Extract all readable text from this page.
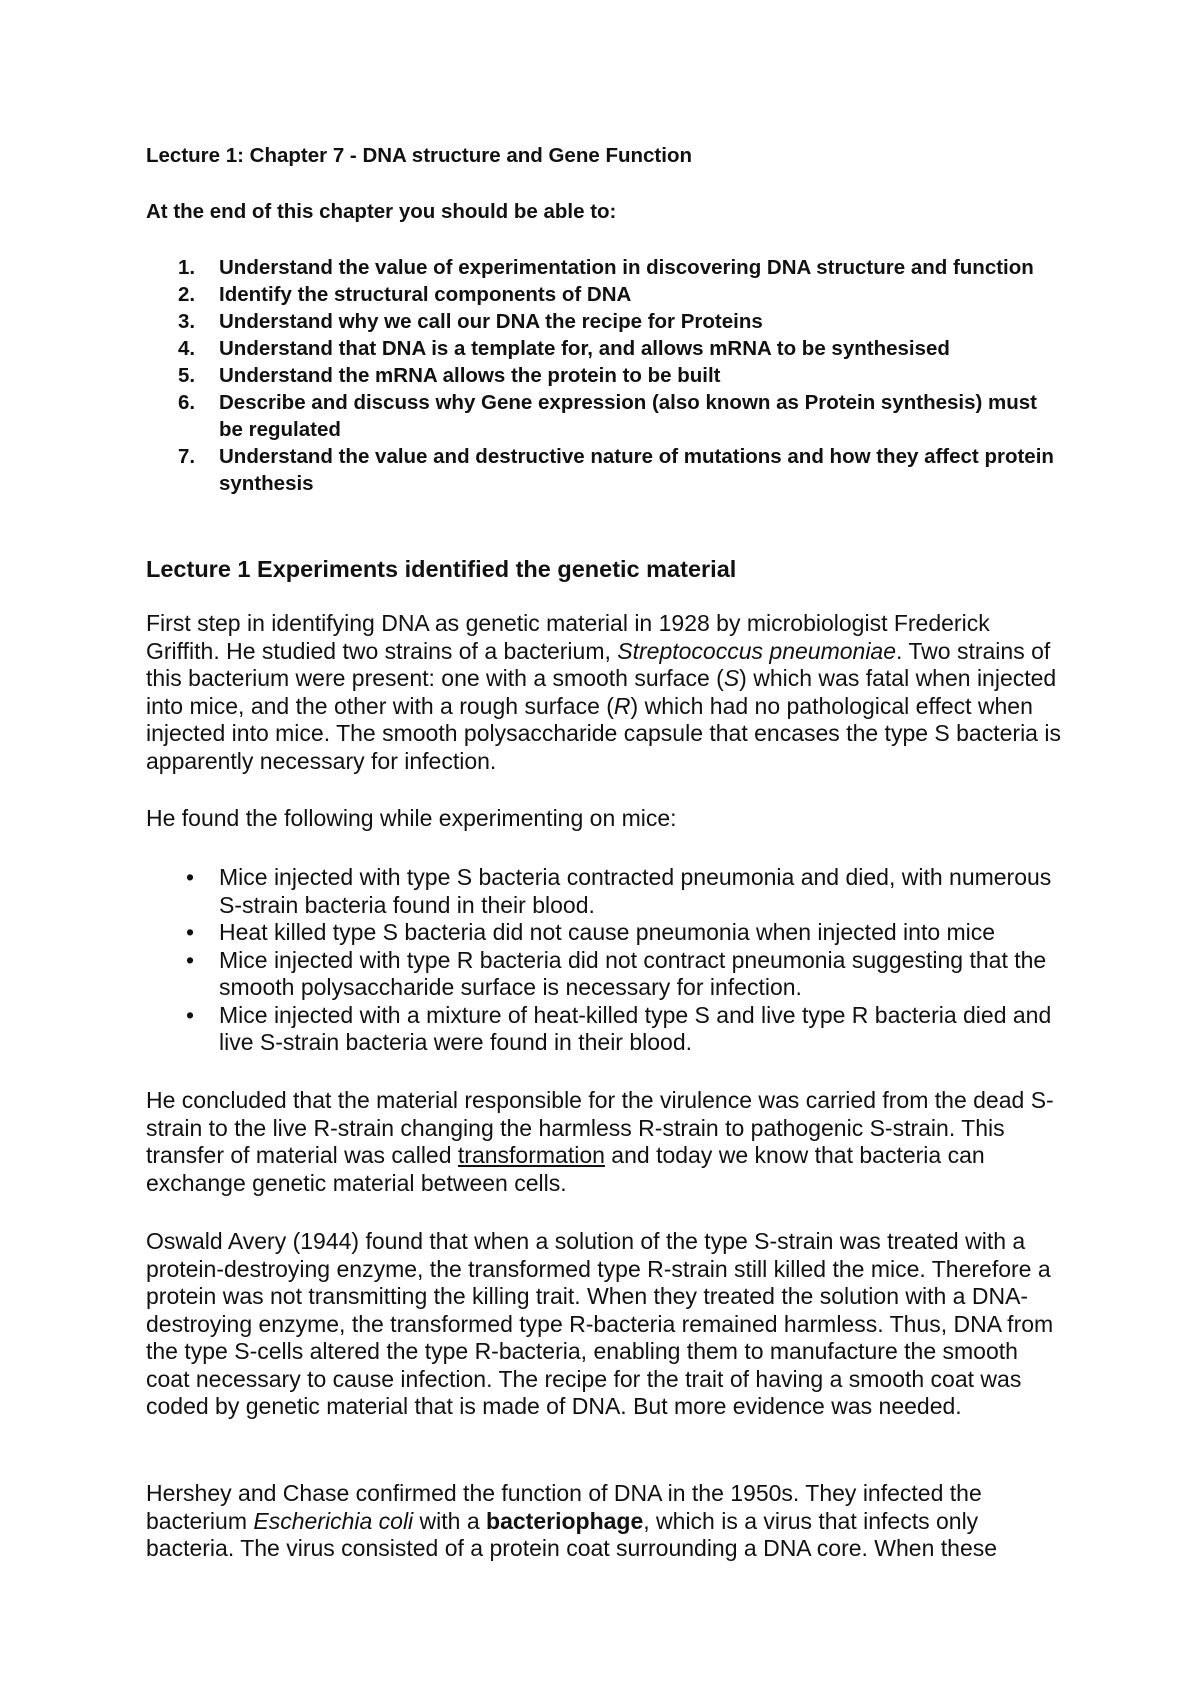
Lecture 1: Chapter 7 - DNA structure and Gene Function
At the end of this chapter you should be able to:
1. Understand the value of experimentation in discovering DNA structure and function
2. Identify the structural components of DNA
3. Understand why we call our DNA the recipe for Proteins
4. Understand that DNA is a template for, and allows mRNA to be synthesised
5. Understand the mRNA allows the protein to be built
6. Describe and discuss why Gene expression (also known as Protein synthesis) must be regulated
7. Understand the value and destructive nature of mutations and how they affect protein synthesis
Lecture 1 Experiments identified the genetic material

First step in identifying DNA as genetic material in 1928 by microbiologist Frederick Griffith. He studied two strains of a bacterium, Streptococcus pneumoniae. Two strains of this bacterium were present: one with a smooth surface (S) which was fatal when injected into mice, and the other with a rough surface (R) which had no pathological effect when injected into mice. The smooth polysaccharide capsule that encases the type S bacteria is apparently necessary for infection.

He found the following while experimenting on mice:

• Mice injected with type S bacteria contracted pneumonia and died, with numerous S-strain bacteria found in their blood.
• Heat killed type S bacteria did not cause pneumonia when injected into mice
• Mice injected with type R bacteria did not contract pneumonia suggesting that the smooth polysaccharide surface is necessary for infection.
• Mice injected with a mixture of heat-killed type S and live type R bacteria died and live S-strain bacteria were found in their blood.

He concluded that the material responsible for the virulence was carried from the dead S-strain to the live R-strain changing the harmless R-strain to pathogenic S-strain. This transfer of material was called transformation and today we know that bacteria can exchange genetic material between cells.

Oswald Avery (1944) found that when a solution of the type S-strain was treated with a protein-destroying enzyme, the transformed type R-strain still killed the mice. Therefore a protein was not transmitting the killing trait. When they treated the solution with a DNA-destroying enzyme, the transformed type R-bacteria remained harmless. Thus, DNA from the type S-cells altered the type R-bacteria, enabling them to manufacture the smooth coat necessary to cause infection. The recipe for the trait of having a smooth coat was coded by genetic material that is made of DNA. But more evidence was needed.

Hershey and Chase confirmed the function of DNA in the 1950s. They infected the bacterium Escherichia coli with a bacteriophage, which is a virus that infects only bacteria. The virus consisted of a protein coat surrounding a DNA core. When these
